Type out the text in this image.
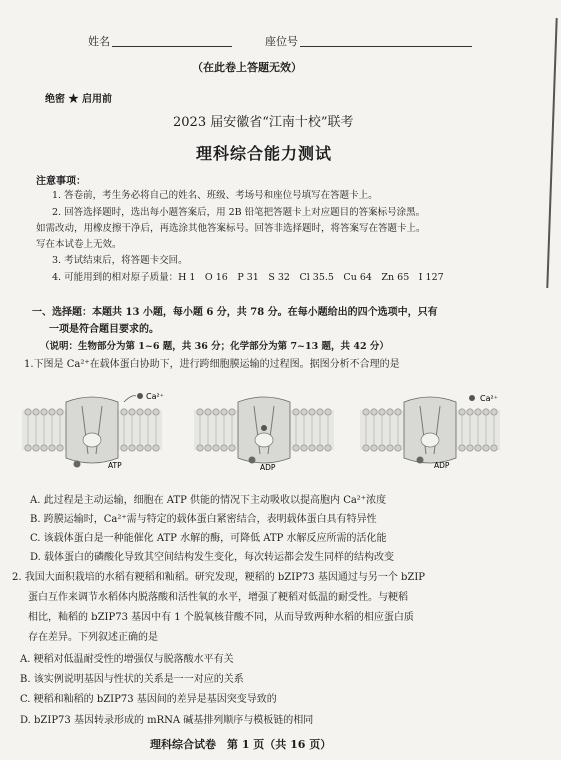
姓名	座位号
（在此卷上答题无效）
绝密 ★ 启用前
2023 届安徽省“江南十校”联考
理科综合能力测试
注意事项：
1. 答卷前，考生务必将自己的姓名、班级、考场号和座位号填写在答题卡上。
2. 回答选择题时，选出每小题答案后，用 2B 铅笔把答题卡上对应题目的答案标号涂黑。
如需改动，用橡皮擦干净后，再选涂其他答案标号。回答非选择题时，将答案写在答题卡上。
写在本试卷上无效。
3. 考试结束后，将答题卡交回。
4. 可能用到的相对原子质量：H 1　O 16　P 31　S 32　Cl 35.5　Cu 64　Zn 65　I 127
一、选择题：本题共 13 小题，每小题 6 分，共 78 分。在每小题给出的四个选项中，只有
一项是符合题目要求的。
（说明：生物部分为第 1~6 题，共 36 分；化学部分为第 7~13 题，共 42 分）
1.下图是 Ca²⁺在载体蛋白协助下，进行跨细胞膜运输的过程图。据图分析不合理的是
Ca²⁺
ATP	ADP
Ca²⁺
ADP
A. 此过程是主动运输，细胞在 ATP 供能的情况下主动吸收以提高胞内 Ca²⁺浓度
B. 跨膜运输时，Ca²⁺需与特定的载体蛋白紧密结合，表明载体蛋白具有特异性
C. 该载体蛋白是一种能催化 ATP 水解的酶，可降低 ATP 水解反应所需的活化能
D. 载体蛋白的磷酸化导致其空间结构发生变化，每次转运都会发生同样的结构改变
2. 我国大面积栽培的水稻有粳稻和籼稻。研究发现，粳稻的 bZIP73 基因通过与另一个 bZIP
蛋白互作来调节水稻体内脱落酸和活性氧的水平，增强了粳稻对低温的耐受性。与粳稻
相比，籼稻的 bZIP73 基因中有 1 个脱氧核苷酸不同，从而导致两种水稻的相应蛋白质
存在差异。下列叙述正确的是
A. 粳稻对低温耐受性的增强仅与脱落酸水平有关
B. 该实例说明基因与性状的关系是一一对应的关系
C. 粳稻和籼稻的 bZIP73 基因间的差异是基因突变导致的
D. bZIP73 基因转录形成的 mRNA 碱基排列顺序与模板链的相同
理科综合试卷　第 1 页（共 16 页）
